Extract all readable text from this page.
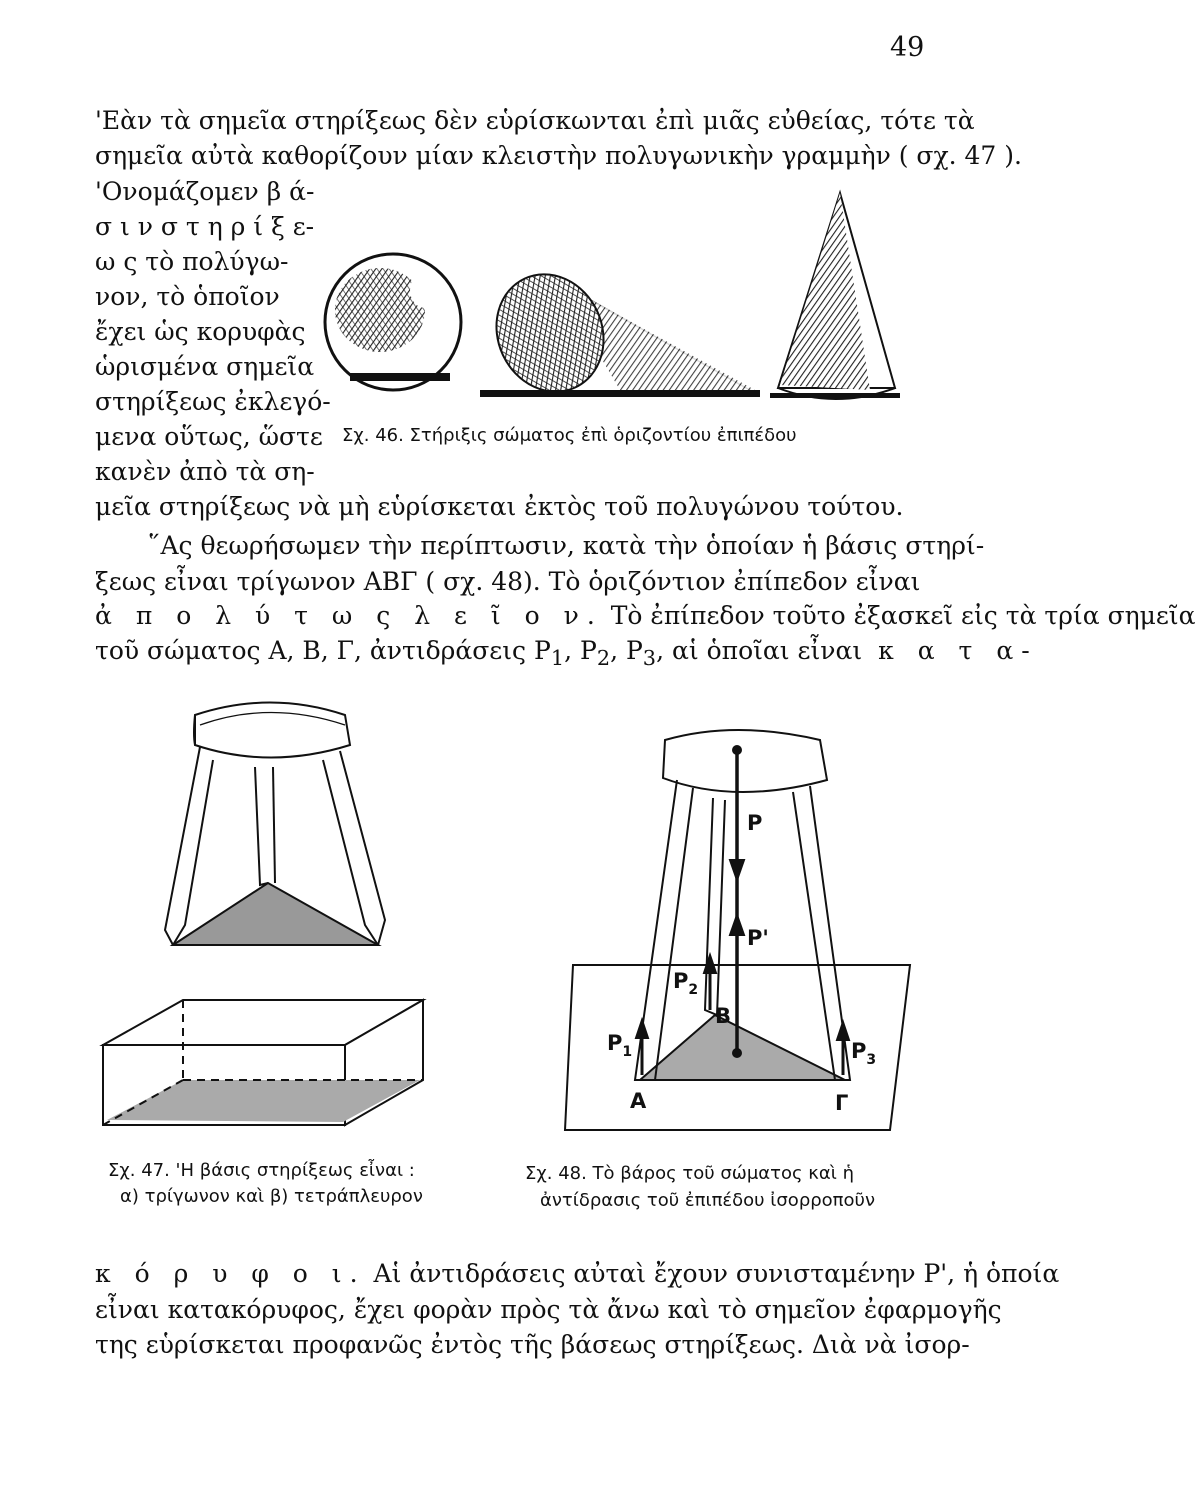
49
'Εὰν τὰ σημεῖα στηρίξεως δὲν εὑρίσκωνται ἐπὶ μιᾶς εὐθείας, τότε τὰ
σημεῖα αὐτὰ καθορίζουν μίαν κλειστὴν πολυγωνικὴν γραμμὴν ( σχ. 47 ).
'Ονομάζομεν β ά-
σ ι ν σ τ η ρ ί ξ ε-
ω ς τὸ πολύγω-
νον, τὸ ὁποῖον
ἔχει ὡς κορυφὰς
ὡρισμένα σημεῖα
στηρίξεως ἐκλεγό-
μενα οὕτως, ὥστε
κανὲν ἀπὸ τὰ ση-
μεῖα στηρίξεως νὰ μὴ εὑρίσκεται ἐκτὸς τοῦ πολυγώνου τούτου.
Σχ. 46. Στήριξις σώματος ἐπὶ ὁριζοντίου ἐπιπέδου
῞Ας θεωρήσωμεν τὴν περίπτωσιν, κατὰ τὴν ὁποίαν ἡ βάσις στηρί-
ξεως εἶναι τρίγωνον ΑΒΓ ( σχ. 48). Τὸ ὁριζόντιον ἐπίπεδον εἶναι
ἀ π ο λ ύ τ ω ς λ ε ῖ ο ν. Τὸ ἐπίπεδον τοῦτο ἐξασκεῖ εἰς τὰ τρία σημεῖα
τοῦ σώματος Α, Β, Γ, ἀντιδράσεις $P_1$, $P_2$, $P_3$, αἱ ὁποῖαι εἶναι κ α τ α-
Σχ. 47. 'Η βάσις στηρίξεως εἶναι :
α) τρίγωνον καὶ β) τετράπλευρον
P
P'
$P_1$
$P_2$
$P_3$
B
A	Γ
Σχ. 48. Τὸ βάρος τοῦ σώματος καὶ ἡ
ἀντίδρασις τοῦ ἐπιπέδου ἰσορροποῦν
κ ό ρ υ φ ο ι. Αἱ ἀντιδράσεις αὐταὶ ἔχουν συνισταμένην P', ἡ ὁποία
εἶναι κατακόρυφος, ἔχει φορὰν πρὸς τὰ ἄνω καὶ τὸ σημεῖον ἐφαρμογῆς
της εὑρίσκεται προφανῶς ἐντὸς τῆς βάσεως στηρίξεως. Διὰ νὰ ἰσορ-
